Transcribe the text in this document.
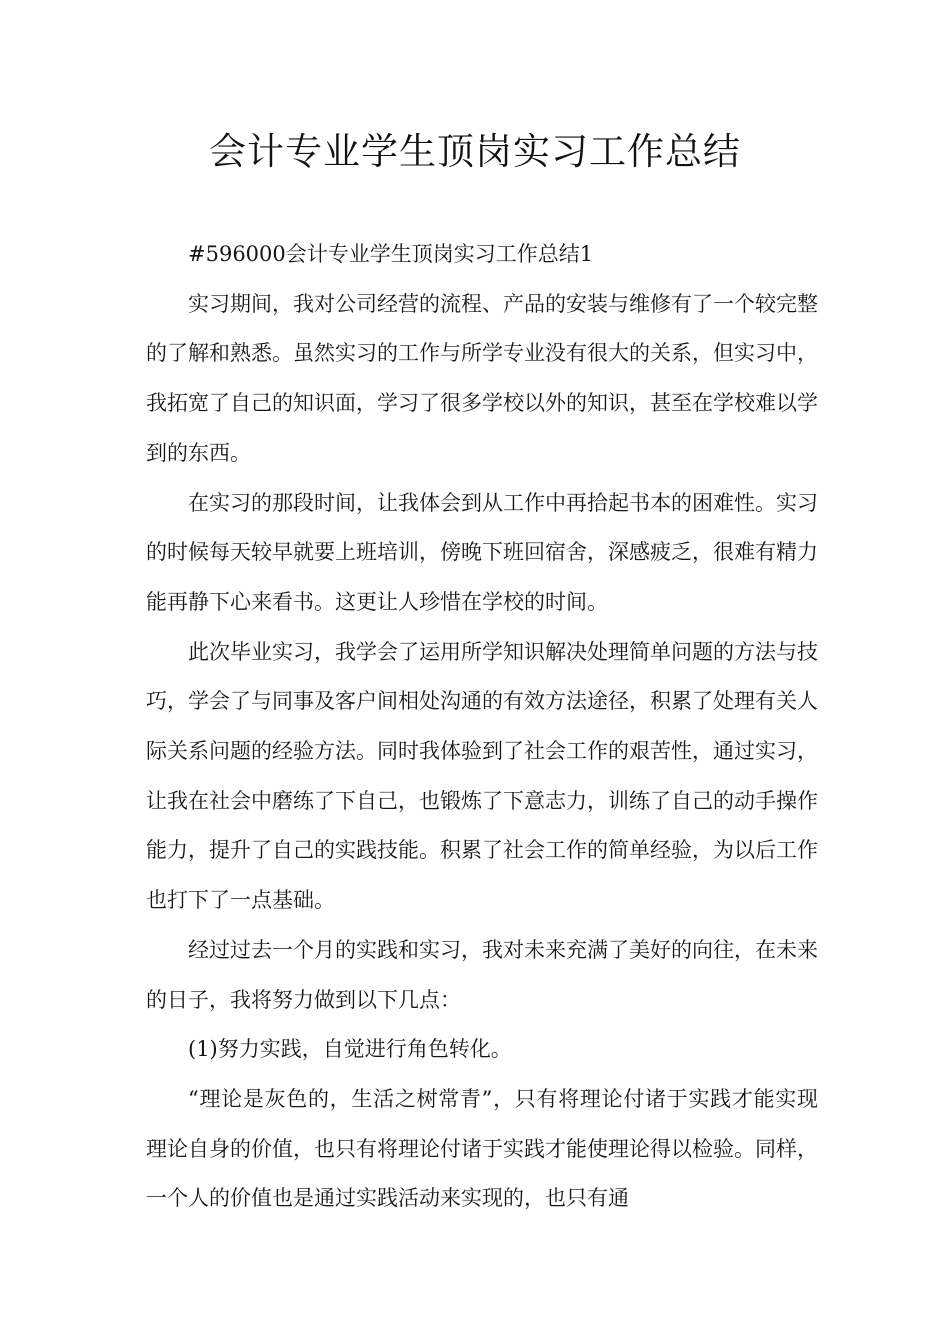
会计专业学生顶岗实习工作总结

#596000会计专业学生顶岗实习工作总结1

实习期间，我对公司经营的流程、产品的安装与维修有了一个较完整的了解和熟悉。虽然实习的工作与所学专业没有很大的关系，但实习中，我拓宽了自己的知识面，学习了很多学校以外的知识，甚至在学校难以学到的东西。

在实习的那段时间，让我体会到从工作中再拾起书本的困难性。实习的时候每天较早就要上班培训，傍晚下班回宿舍，深感疲乏，很难有精力能再静下心来看书。这更让人珍惜在学校的时间。

此次毕业实习，我学会了运用所学知识解决处理简单问题的方法与技巧，学会了与同事及客户间相处沟通的有效方法途径，积累了处理有关人际关系问题的经验方法。同时我体验到了社会工作的艰苦性，通过实习，让我在社会中磨练了下自己，也锻炼了下意志力，训练了自己的动手操作能力，提升了自己的实践技能。积累了社会工作的简单经验，为以后工作也打下了一点基础。

经过过去一个月的实践和实习，我对未来充满了美好的向往，在未来的日子，我将努力做到以下几点：

(1)努力实践，自觉进行角色转化。

“理论是灰色的，生活之树常青”，只有将理论付诸于实践才能实现理论自身的价值，也只有将理论付诸于实践才能使理论得以检验。同样，一个人的价值也是通过实践活动来实现的，也只有通
